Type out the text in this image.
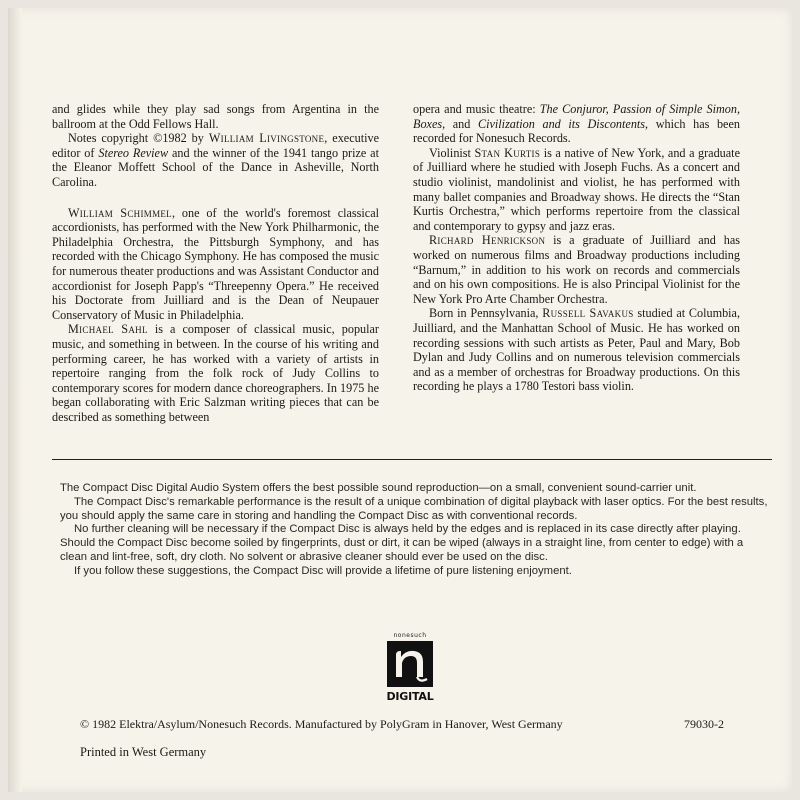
and glides while they play sad songs from Argentina in the ballroom at the Odd Fellows Hall.

Notes copyright ©1982 by William Livingstone, executive editor of Stereo Review and the winner of the 1941 tango prize at the Eleanor Moffett School of the Dance in Asheville, North Carolina.

William Schimmel, one of the world's foremost classical accordionists, has performed with the New York Philharmonic, the Philadelphia Orchestra, the Pittsburgh Symphony, and has recorded with the Chicago Symphony. He has composed the music for numerous theater productions and was Assistant Conductor and accordionist for Joseph Papp's “Threepenny Opera.” He received his Doctorate from Juilliard and is the Dean of Neupauer Conservatory of Music in Philadelphia.

Michael Sahl is a composer of classical music, popular music, and something in between. In the course of his writing and performing career, he has worked with a variety of artists in repertoire ranging from the folk rock of Judy Collins to contemporary scores for modern dance choreographers. In 1975 he began collaborating with Eric Salzman writing pieces that can be described as something between

opera and music theatre: The Conjuror, Passion of Simple Simon, Boxes, and Civilization and its Discontents, which has been recorded for Nonesuch Records.

Violinist Stan Kurtis is a native of New York, and a graduate of Juilliard where he studied with Joseph Fuchs. As a concert and studio violinist, mandolinist and violist, he has performed with many ballet companies and Broadway shows. He directs the “Stan Kurtis Orchestra,” which performs repertoire from the classical and contemporary to gypsy and jazz eras.

Richard Henrickson is a graduate of Juilliard and has worked on numerous films and Broadway productions including “Barnum,” in addition to his work on records and commercials and on his own compositions. He is also Principal Violinist for the New York Pro Arte Chamber Orchestra.

Born in Pennsylvania, Russell Savakus studied at Columbia, Juilliard, and the Manhattan School of Music. He has worked on recording sessions with such artists as Peter, Paul and Mary, Bob Dylan and Judy Collins and on numerous television commercials and as a member of orchestras for Broadway productions. On this recording he plays a 1780 Testori bass violin.

The Compact Disc Digital Audio System offers the best possible sound reproduction—on a small, convenient sound-carrier unit.

The Compact Disc's remarkable performance is the result of a unique combination of digital playback with laser optics. For the best results, you should apply the same care in storing and handling the Compact Disc as with conventional records.

No further cleaning will be necessary if the Compact Disc is always held by the edges and is replaced in its case directly after playing. Should the Compact Disc become soiled by fingerprints, dust or dirt, it can be wiped (always in a straight line, from center to edge) with a clean and lint-free, soft, dry cloth. No solvent or abrasive cleaner should ever be used on the disc.

If you follow these suggestions, the Compact Disc will provide a lifetime of pure listening enjoyment.

nonesuch
DIGITAL
© 1982 Elektra/Asylum/Nonesuch Records. Manufactured by PolyGram in Hanover, West Germany	79030-2
Printed in West Germany
